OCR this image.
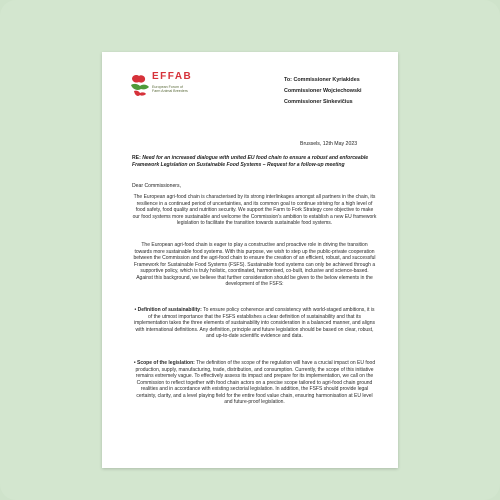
EFFAB
European Forum of
Farm Animal Breeders
To: Commissioner Kyriakides
Commissioner Wojciechowski
Commissioner Sinkevičius
Brussels, 12th May 2023
RE: Need for an increased dialogue with united EU food chain to ensure a robust and enforceable Framework Legislation on Sustainable Food Systems – Request for a follow-up meeting
Dear Commissioners,
The European agri-food chain is characterised by its strong interlinkages amongst all partners in the chain, its resilience in a continued period of uncertainties, and its common goal to continue striving for a high level of food safety, food quality and nutrition security. We support the Farm to Fork Strategy core objective to make our food systems more sustainable and welcome the Commission's ambition to establish a new EU framework legislation to facilitate the transition towards sustainable food systems.
The European agri-food chain is eager to play a constructive and proactive role in driving the transition towards more sustainable food systems. With this purpose, we wish to step up the public-private cooperation between the Commission and the agri-food chain to ensure the creation of an efficient, robust, and successful Framework for Sustainable Food Systems (FSFS). Sustainable food systems can only be achieved through a supportive policy, which is truly holistic, coordinated, harmonised, co-built, inclusive and science-based. Against this background, we believe that further consideration should be given to the below elements in the development of the FSFS:
• Definition of sustainability: To ensure policy coherence and consistency with world-staged ambitions, it is of the utmost importance that the FSFS establishes a clear definition of sustainability and that its implementation takes the three elements of sustainability into consideration in a balanced manner, and aligns with international definitions. Any definition, principle and future legislation should be based on clear, robust, and up-to-date scientific evidence and data.
• Scope of the legislation: The definition of the scope of the regulation will have a crucial impact on EU food production, supply, manufacturing, trade, distribution, and consumption. Currently, the scope of this initiative remains extremely vague. To effectively assess its impact and prepare for its implementation, we call on the Commission to reflect together with food chain actors on a precise scope tailored to agri-food chain ground realities and in accordance with existing sectorial legislation. In addition, the FSFS should provide legal certainty, clarity, and a level playing field for the entire food value chain, ensuring harmonisation at EU level and future-proof legislation.
